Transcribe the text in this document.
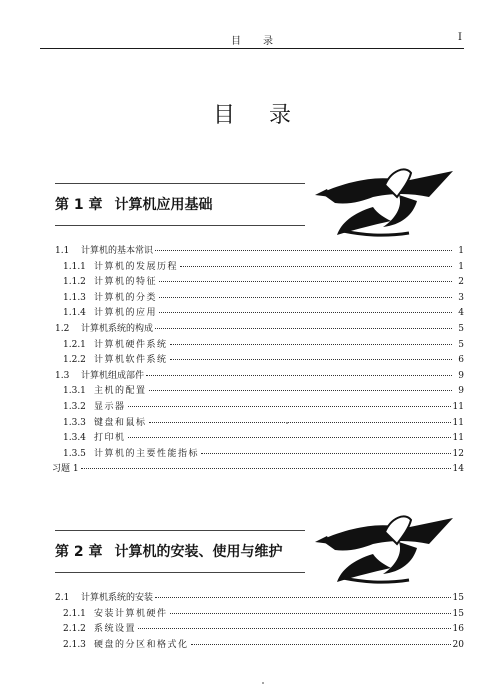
目录	I
目录
第 1 章 计算机应用基础
1.1	计算机的基本常识	1
1.1.1 计算机的发展历程	1
1.1.2 计算机的特征	2
1.1.3 计算机的分类	3
1.1.4 计算机的应用	4
1.2	计算机系统的构成	5
1.2.1 计算机硬件系统	5
1.2.2 计算机软件系统	6
1.3	计算机组成部件	9
1.3.1 主机的配置	9
1.3.2 显示器	11
1.3.3 键盘和鼠标	11
1.3.4 打印机	11
1.3.5 计算机的主要性能指标	12
习题 1	14
第 2 章 计算机的安装、使用与维护
2.1	计算机系统的安装	15
2.1.1 安装计算机硬件	15
2.1.2 系统设置	16
2.1.3 硬盘的分区和格式化	20
